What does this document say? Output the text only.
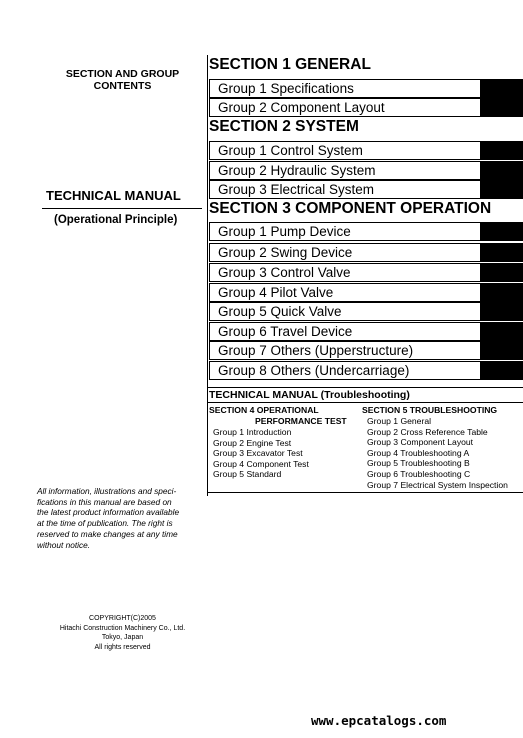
SECTION AND GROUP
CONTENTS
TECHNICAL MANUAL
(Operational Principle)
All information, illustrations and speci-
fications in this manual are based on
the latest product information available
at the time of publication. The right is
reserved to make changes at any time
without notice.
COPYRIGHT(C)2005
Hitachi Construction Machinery Co., Ltd.
Tokyo, Japan
All rights reserved
SECTION 1 GENERAL
Group 1 Specifications
Group 2 Component Layout
SECTION 2 SYSTEM
Group 1 Control System
Group 2 Hydraulic System
Group 3 Electrical System
SECTION 3 COMPONENT OPERATION
Group 1 Pump Device
Group 2 Swing Device
Group 3 Control Valve
Group 4 Pilot Valve
Group 5 Quick Valve
Group 6 Travel Device
Group 7 Others (Upperstructure)
Group 8 Others (Undercarriage)
TECHNICAL MANUAL (Troubleshooting)
SECTION 4 OPERATIONAL
PERFORMANCE TEST
Group 1 Introduction
Group 2 Engine Test
Group 3 Excavator Test
Group 4 Component Test
Group 5 Standard
SECTION 5 TROUBLESHOOTING
Group 1 General
Group 2 Cross Reference Table
Group 3 Component Layout
Group 4 Troubleshooting A
Group 5 Troubleshooting B
Group 6 Troubleshooting C
Group 7 Electrical System Inspection
www.epcatalogs.com
